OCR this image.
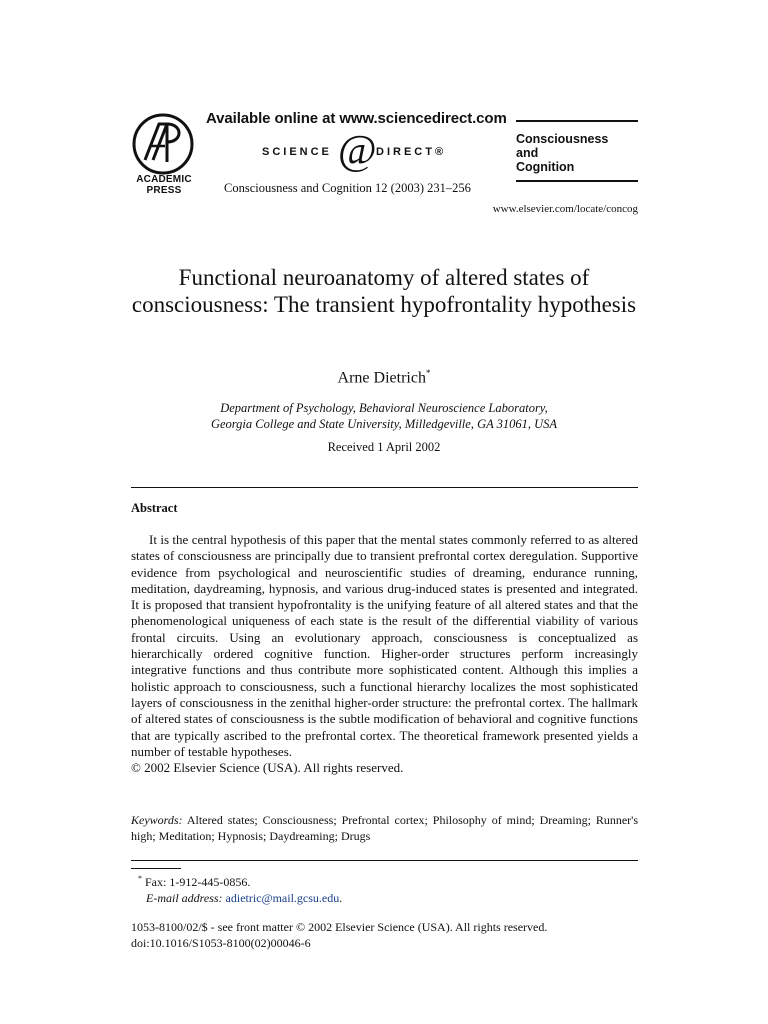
ACADEMIC
PRESS
Available online at www.sciencedirect.com
SCIENCE @ DIRECT®
Consciousness and Cognition 12 (2003) 231–256
Consciousness
and
Cognition
www.elsevier.com/locate/concog
Functional neuroanatomy of altered states of consciousness: The transient hypofrontality hypothesis
Arne Dietrich*
Department of Psychology, Behavioral Neuroscience Laboratory,
Georgia College and State University, Milledgeville, GA 31061, USA
Received 1 April 2002
Abstract

It is the central hypothesis of this paper that the mental states commonly referred to as altered states of consciousness are principally due to transient prefrontal cortex deregulation. Supportive evidence from psychological and neuroscientific studies of dreaming, endurance running, meditation, daydreaming, hypnosis, and various drug-induced states is presented and integrated. It is proposed that transient hypofrontality is the unifying feature of all altered states and that the phenomenological uniqueness of each state is the result of the differential viability of various frontal circuits. Using an evolutionary approach, consciousness is conceptualized as hierarchically ordered cognitive function. Higher-order structures perform increasingly integrative functions and thus contribute more sophisticated content. Although this implies a holistic approach to consciousness, such a functional hierarchy localizes the most sophisticated layers of consciousness in the zenithal higher-order structure: the prefrontal cortex. The hallmark of altered states of consciousness is the subtle modification of behavioral and cognitive functions that are typically ascribed to the prefrontal cortex. The theoretical framework presented yields a number of testable hypotheses.

© 2002 Elsevier Science (USA). All rights reserved.

Keywords: Altered states; Consciousness; Prefrontal cortex; Philosophy of mind; Dreaming; Runner's high; Meditation; Hypnosis; Daydreaming; Drugs
* Fax: 1-912-445-0856.
E-mail address: adietric@mail.gcsu.edu.
1053-8100/02/$ - see front matter © 2002 Elsevier Science (USA). All rights reserved.
doi:10.1016/S1053-8100(02)00046-6
